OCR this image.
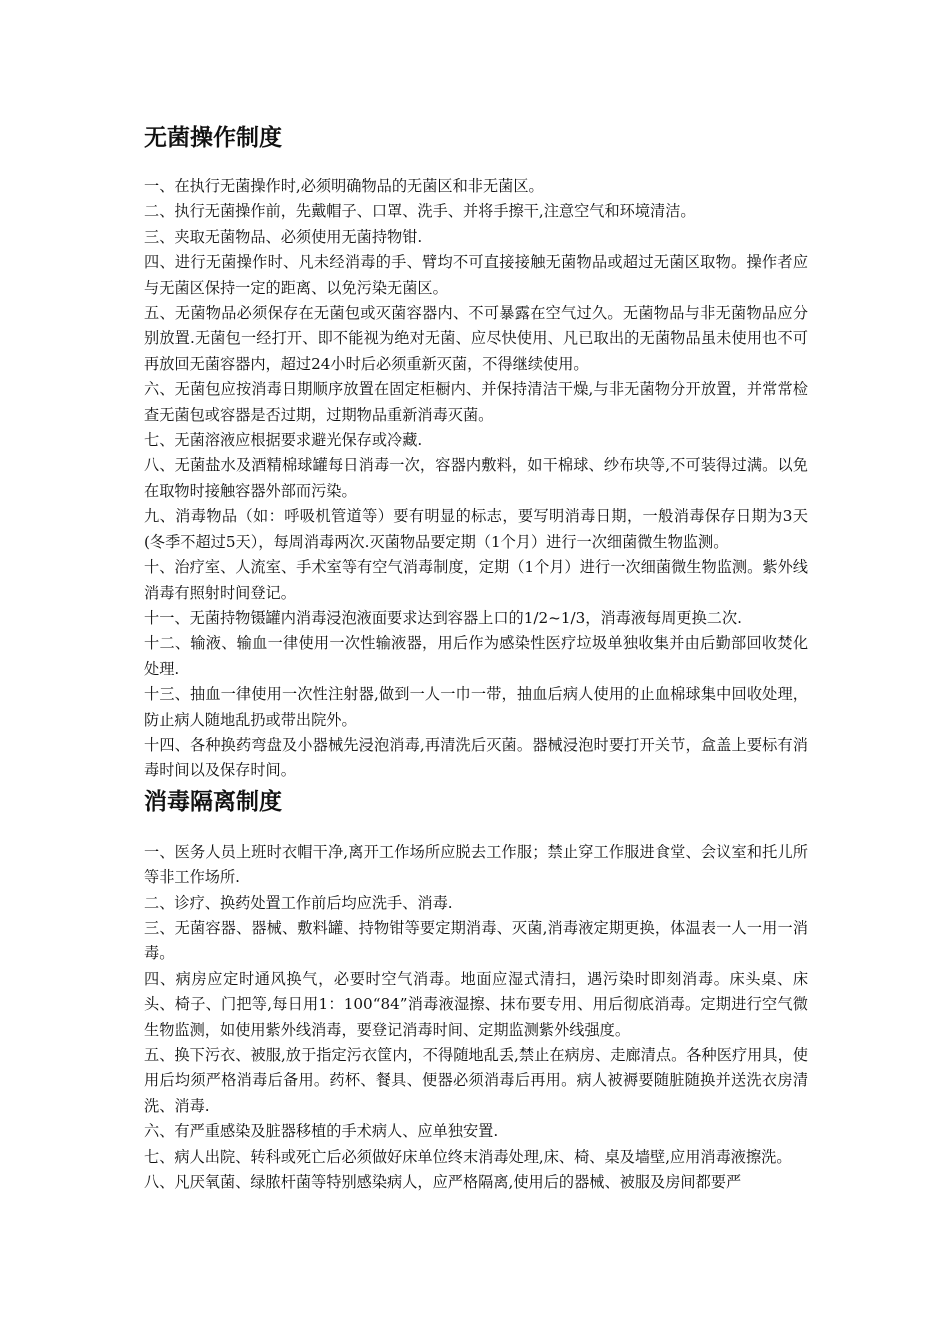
无菌操作制度

一、在执行无菌操作时,必须明确物品的无菌区和非无菌区。

二、执行无菌操作前，先戴帽子、口罩、洗手、并将手擦干,注意空气和环境清洁。

三、夹取无菌物品、必须使用无菌持物钳.

四、进行无菌操作时、凡未经消毒的手、臂均不可直接接触无菌物品或超过无菌区取物。操作者应与无菌区保持一定的距离、以免污染无菌区。

五、无菌物品必须保存在无菌包或灭菌容器内、不可暴露在空气过久。无菌物品与非无菌物品应分别放置.无菌包一经打开、即不能视为绝对无菌、应尽快使用、凡已取出的无菌物品虽未使用也不可再放回无菌容器内，超过24小时后必须重新灭菌，不得继续使用。

六、无菌包应按消毒日期顺序放置在固定柜橱内、并保持清洁干燥,与非无菌物分开放置，并常常检查无菌包或容器是否过期，过期物品重新消毒灭菌。

七、无菌溶液应根据要求避光保存或冷藏.

八、无菌盐水及酒精棉球罐每日消毒一次，容器内敷料，如干棉球、纱布块等,不可装得过满。以免在取物时接触容器外部而污染。

九、消毒物品（如：呼吸机管道等）要有明显的标志，要写明消毒日期，一般消毒保存日期为3天(冬季不超过5天），每周消毒两次.灭菌物品要定期（1个月）进行一次细菌微生物监测。

十、治疗室、人流室、手术室等有空气消毒制度，定期（1个月）进行一次细菌微生物监测。紫外线消毒有照射时间登记。

十一、无菌持物镊罐内消毒浸泡液面要求达到容器上口的1/2~1/3，消毒液每周更换二次.

十二、输液、输血一律使用一次性输液器，用后作为感染性医疗垃圾单独收集并由后勤部回收焚化处理.

十三、抽血一律使用一次性注射器,做到一人一巾一带，抽血后病人使用的止血棉球集中回收处理，防止病人随地乱扔或带出院外。

十四、各种换药弯盘及小器械先浸泡消毒,再清洗后灭菌。器械浸泡时要打开关节，盒盖上要标有消毒时间以及保存时间。

消毒隔离制度

一、医务人员上班时衣帽干净,离开工作场所应脱去工作服；禁止穿工作服进食堂、会议室和托儿所等非工作场所.

二、诊疗、换药处置工作前后均应洗手、消毒.

三、无菌容器、器械、敷料罐、持物钳等要定期消毒、灭菌,消毒液定期更换，体温表一人一用一消毒。

四、病房应定时通风换气，必要时空气消毒。地面应湿式清扫，遇污染时即刻消毒。床头桌、床头、椅子、门把等,每日用1：100“84”消毒液湿擦、抹布要专用、用后彻底消毒。定期进行空气微生物监测，如使用紫外线消毒，要登记消毒时间、定期监测紫外线强度。

五、换下污衣、被服,放于指定污衣筐内，不得随地乱丢,禁止在病房、走廊清点。各种医疗用具，使用后均须严格消毒后备用。药杯、餐具、便器必须消毒后再用。病人被褥要随脏随换并送洗衣房清洗、消毒.

六、有严重感染及脏器移植的手术病人、应单独安置.

七、病人出院、转科或死亡后必须做好床单位终末消毒处理,床、椅、桌及墙壁,应用消毒液擦洗。

八、凡厌氧菌、绿脓杆菌等特别感染病人，应严格隔离,使用后的器械、被服及房间都要严
